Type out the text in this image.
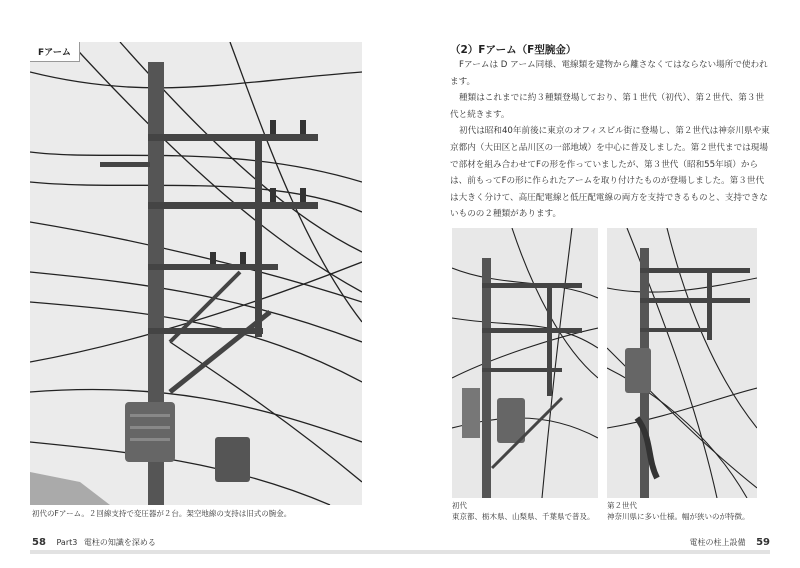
Fアーム
初代のFアーム。２回線支持で変圧器が２台。架空地線の支持は旧式の腕金。
58 Part3 電柱の知識を深める
（2）Fアーム（F型腕金）

Fアームは D アーム同様、電線類を建物から離さなくてはならない場所で使われます。

種類はこれまでに約３種類登場しており、第１世代（初代）、第２世代、第３世代と続きます。

初代は昭和40年前後に東京のオフィスビル街に登場し、第２世代は神奈川県や東京都内（大田区と品川区の一部地域）を中心に普及しました。第２世代までは現場で部材を組み合わせてFの形を作っていましたが、第３世代（昭和55年頃）からは、前もってFの形に作られたアームを取り付けたものが登場しました。第３世代は大きく分けて、高圧配電線と低圧配電線の両方を支持できるものと、支持できないものの２種類があります。

初代
東京都、栃木県、山梨県、千葉県で普及。
第２世代
神奈川県に多い仕様。幅が狭いのが特徴。
電柱の柱上設備 59
